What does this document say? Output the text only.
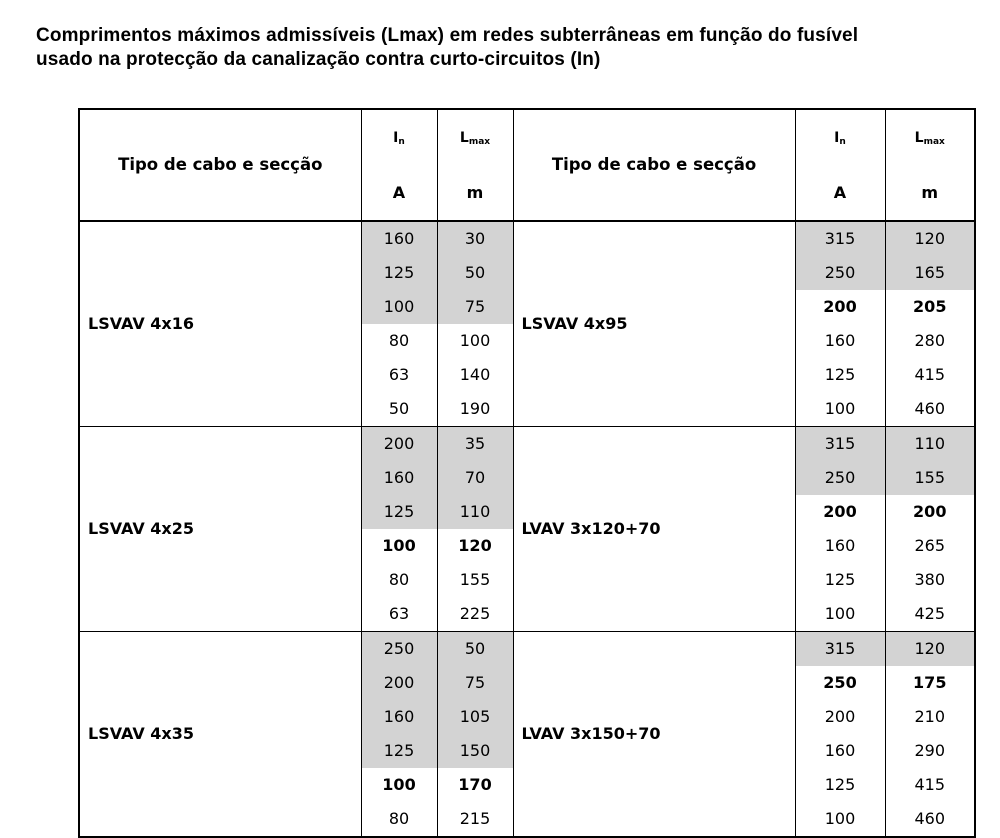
Comprimentos máximos admissíveis (Lmax) em redes subterrâneas em função do fusível
usado na protecção da canalização contra curto-circuitos (In)
Tipo de cabo e secção	$I_n$	$L_{max}$	Tipo de cabo e secção	$I_n$	$L_{max}$
	A	m		A	m
LSVAV 4x16	160	30	LSVAV 4x95	315	120
	125	50		250	165
	100	75		200	205
	80	100		160	280
	63	140		125	415
	50	190		100	460
LSVAV 4x25	200	35	LVAV 3x120+70	315	110
	160	70		250	155
	125	110		200	200
	100	120		160	265
	80	155		125	380
	63	225		100	425
LSVAV 4x35	250	50	LVAV 3x150+70	315	120
	200	75		250	175
	160	105		200	210
	125	150		160	290
	100	170		125	415
	80	215		100	460
